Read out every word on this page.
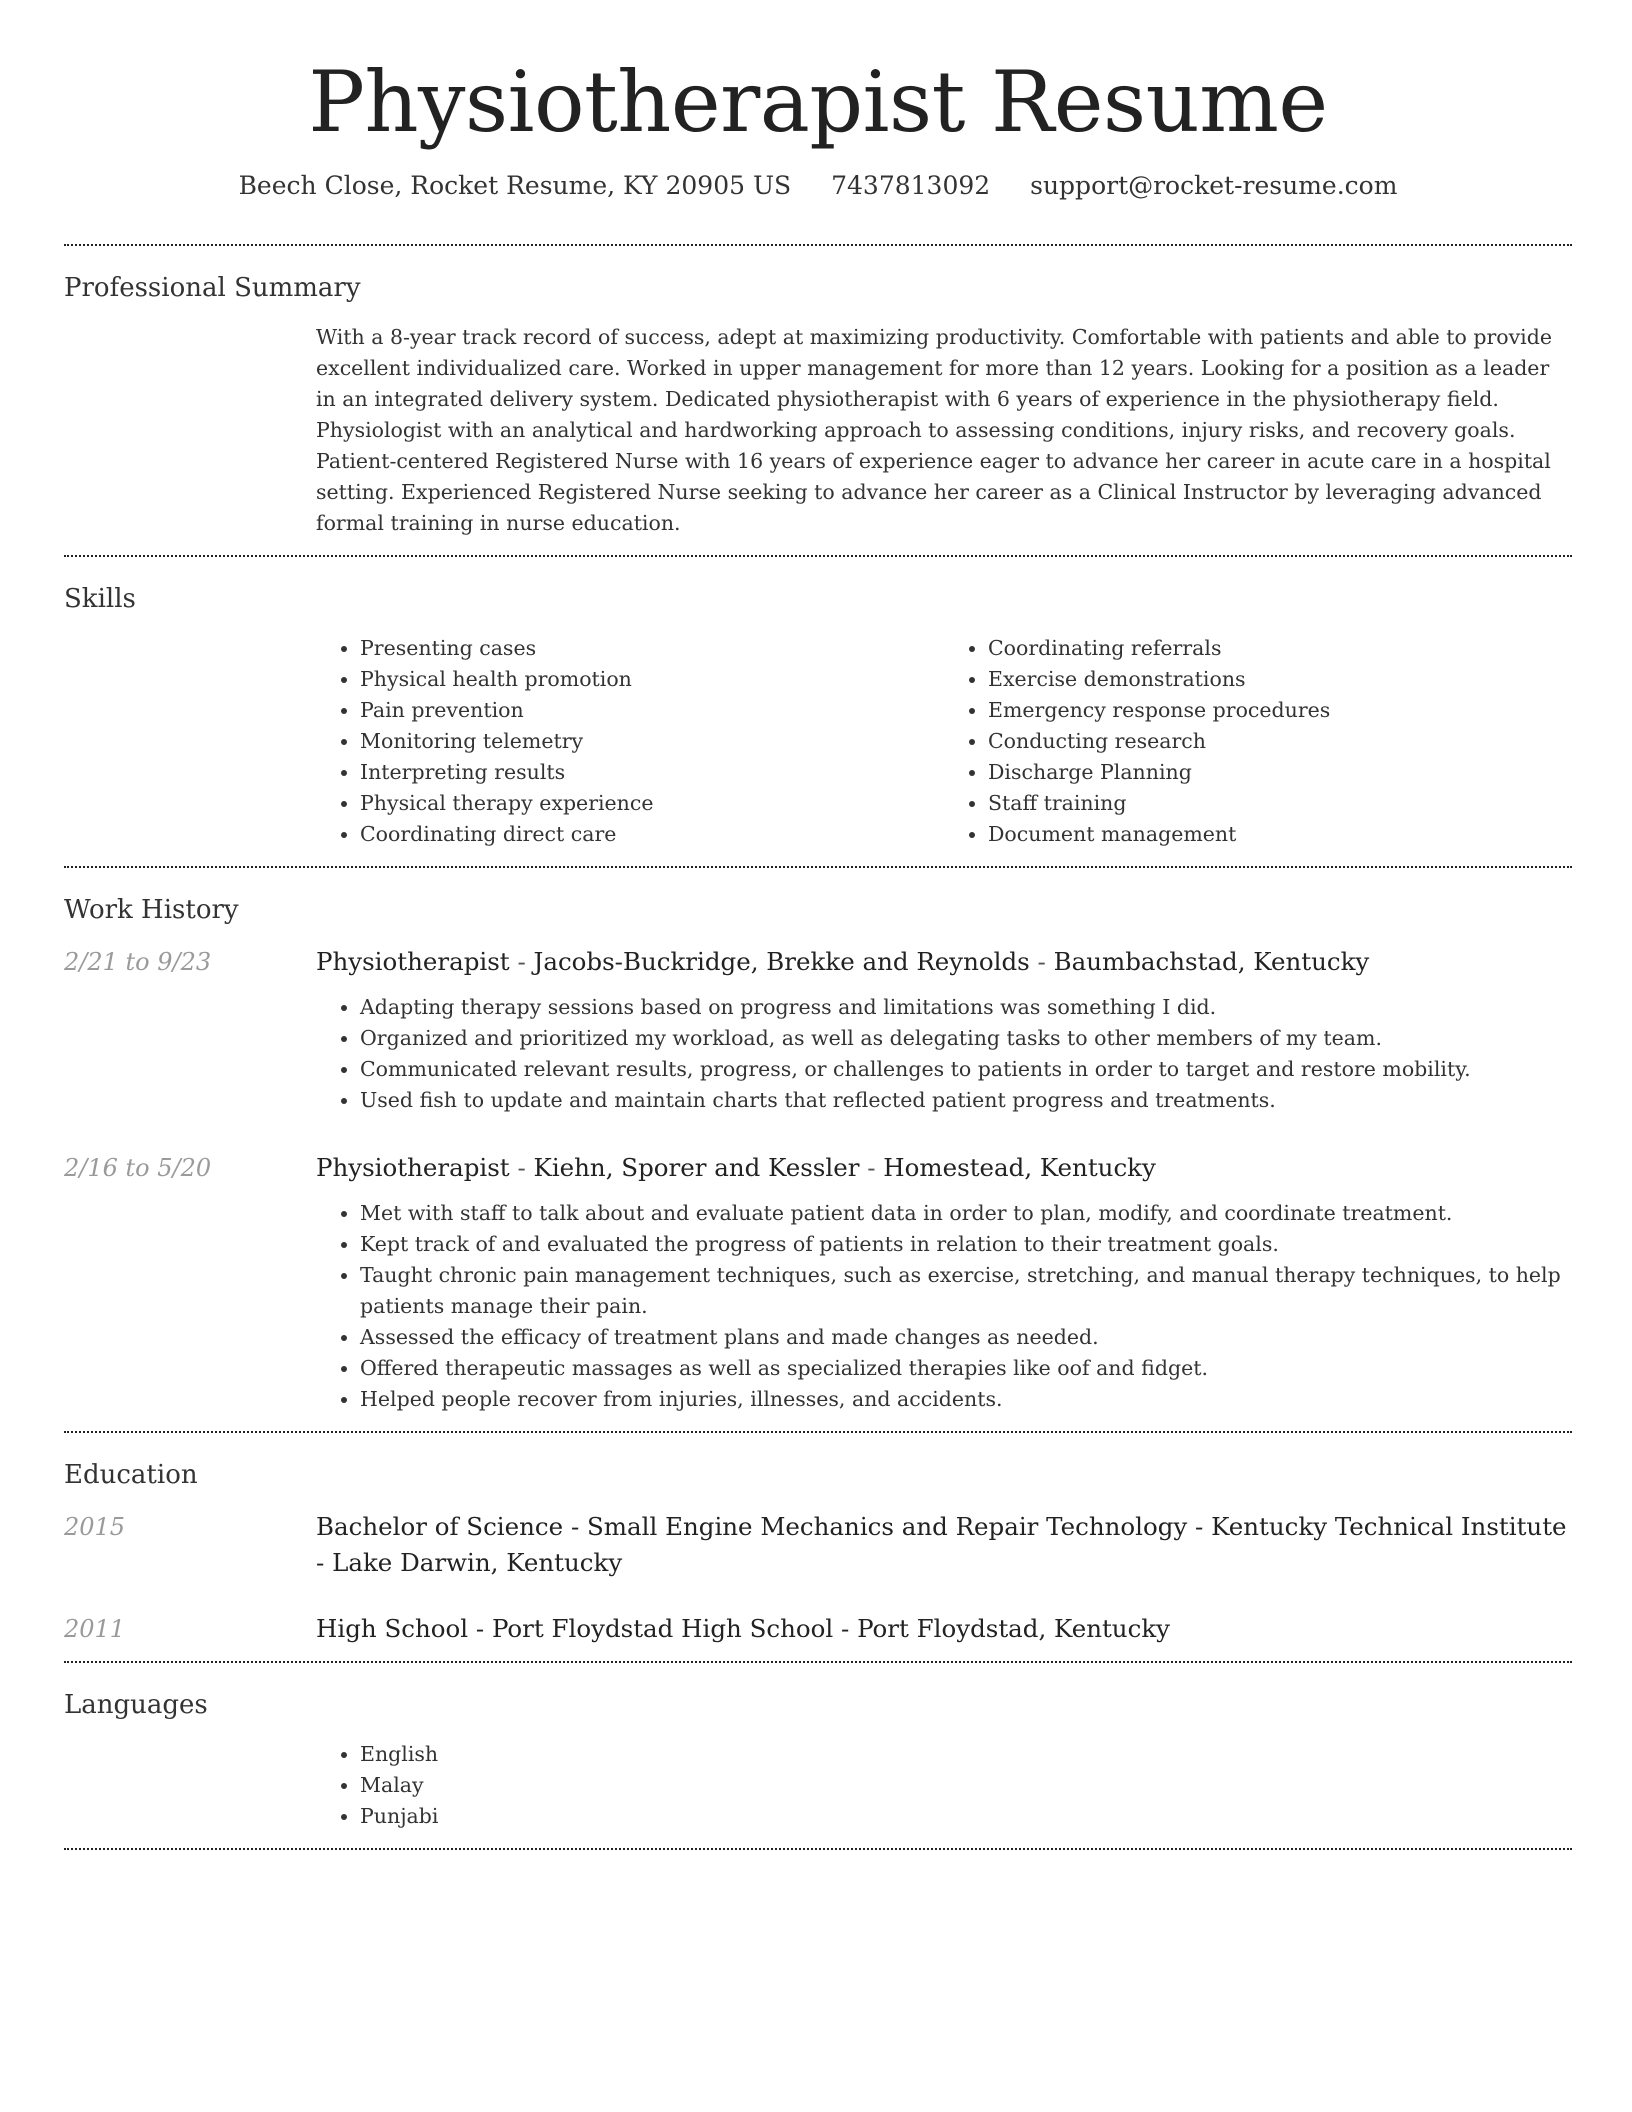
Physiotherapist Resume
Beech Close, Rocket Resume, KY 20905 US 7437813092 support@rocket-resume.com
Professional Summary
With a 8-year track record of success, adept at maximizing productivity. Comfortable with patients and able to provide excellent individualized care. Worked in upper management for more than 12 years. Looking for a position as a leader in an integrated delivery system. Dedicated physiotherapist with 6 years of experience in the physiotherapy field. Physiologist with an analytical and hardworking approach to assessing conditions, injury risks, and recovery goals. Patient-centered Registered Nurse with 16 years of experience eager to advance her career in acute care in a hospital setting. Experienced Registered Nurse seeking to advance her career as a Clinical Instructor by leveraging advanced formal training in nurse education.
Skills
• Presenting cases
• Physical health promotion
• Pain prevention
• Monitoring telemetry
• Interpreting results
• Physical therapy experience
• Coordinating direct care
• Coordinating referrals
• Exercise demonstrations
• Emergency response procedures
• Conducting research
• Discharge Planning
• Staff training
• Document management
Work History
2/21 to 9/23	Physiotherapist - Jacobs-Buckridge, Brekke and Reynolds - Baumbachstad, Kentucky
• Adapting therapy sessions based on progress and limitations was something I did.
• Organized and prioritized my workload, as well as delegating tasks to other members of my team.
• Communicated relevant results, progress, or challenges to patients in order to target and restore mobility.
• Used fish to update and maintain charts that reflected patient progress and treatments.
2/16 to 5/20	Physiotherapist - Kiehn, Sporer and Kessler - Homestead, Kentucky
• Met with staff to talk about and evaluate patient data in order to plan, modify, and coordinate treatment.
• Kept track of and evaluated the progress of patients in relation to their treatment goals.
• Taught chronic pain management techniques, such as exercise, stretching, and manual therapy techniques, to help patients manage their pain.
• Assessed the efficacy of treatment plans and made changes as needed.
• Offered therapeutic massages as well as specialized therapies like oof and fidget.
• Helped people recover from injuries, illnesses, and accidents.
Education
2015	Bachelor of Science - Small Engine Mechanics and Repair Technology - Kentucky Technical Institute - Lake Darwin, Kentucky
2011	High School - Port Floydstad High School - Port Floydstad, Kentucky
Languages
• English
• Malay
• Punjabi
